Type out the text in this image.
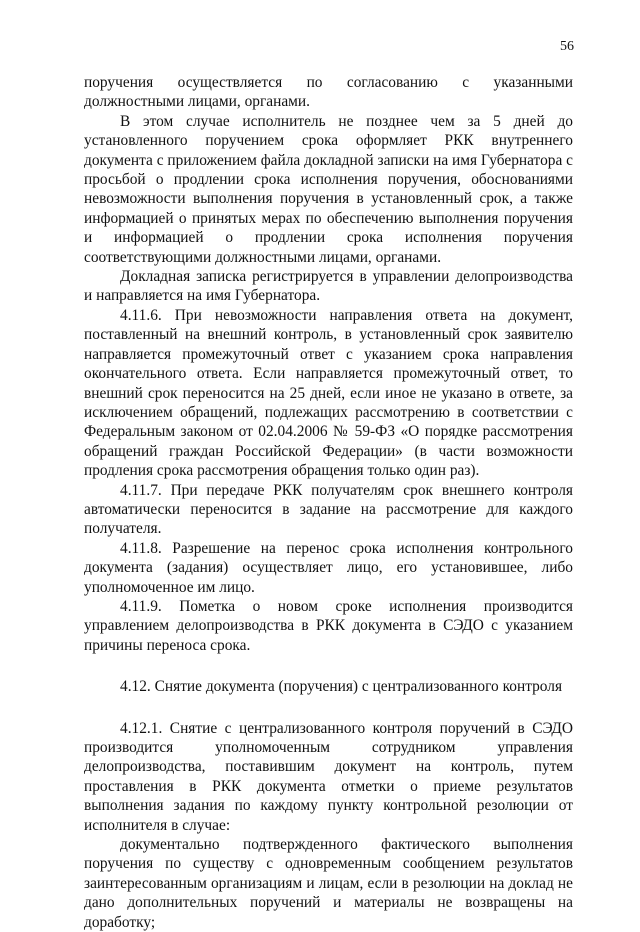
56

поручения осуществляется по согласованию с указанными должностными лицами, органами.

В этом случае исполнитель не позднее чем за 5 дней до установленного поручением срока оформляет РКК внутреннего документа с приложением файла докладной записки на имя Губернатора с просьбой о продлении срока исполнения поручения, обоснованиями невозможности выполнения поручения в установленный срок, а также информацией о принятых мерах по обеспечению выполнения поручения и информацией о продлении срока исполнения поручения соответствующими должностными лицами, органами.

Докладная записка регистрируется в управлении делопроизводства и направляется на имя Губернатора.

4.11.6. При невозможности направления ответа на документ, поставленный на внешний контроль, в установленный срок заявителю направляется промежуточный ответ с указанием срока направления окончательного ответа. Если направляется промежуточный ответ, то внешний срок переносится на 25 дней, если иное не указано в ответе, за исключением обращений, подлежащих рассмотрению в соответствии с Федеральным законом от 02.04.2006 № 59-ФЗ «О порядке рассмотрения обращений граждан Российской Федерации» (в части возможности продления срока рассмотрения обращения только один раз).

4.11.7. При передаче РКК получателям срок внешнего контроля автоматически переносится в задание на рассмотрение для каждого получателя.

4.11.8. Разрешение на перенос срока исполнения контрольного документа (задания) осуществляет лицо, его установившее, либо уполномоченное им лицо.

4.11.9. Пометка о новом сроке исполнения производится управлением делопроизводства в РКК документа в СЭДО с указанием причины переноса срока.

4.12. Снятие документа (поручения) с централизованного контроля

4.12.1. Снятие с централизованного контроля поручений в СЭДО производится уполномоченным сотрудником управления делопроизводства, поставившим документ на контроль, путем проставления в РКК документа отметки о приеме результатов выполнения задания по каждому пункту контрольной резолюции от исполнителя в случае:

документально подтвержденного фактического выполнения поручения по существу с одновременным сообщением результатов заинтересованным организациям и лицам, если в резолюции на доклад не дано дополнительных поручений и материалы не возвращены на доработку;
